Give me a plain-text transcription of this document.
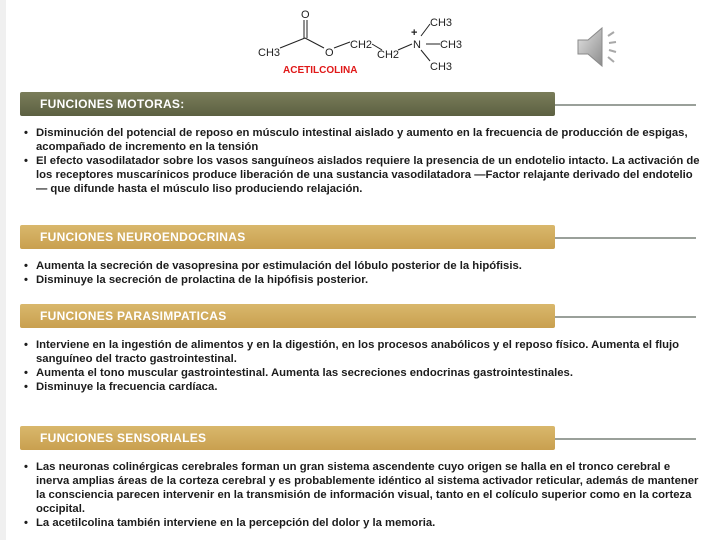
O
CH3	O
CH2
CH2
+
N
CH3
CH3
CH3
ACETILCOLINA
FUNCIONES MOTORAS:
• Disminución del potencial de reposo en músculo intestinal aislado y aumento en la frecuencia de producción de espigas, acompañado de incremento en la tensión
• El efecto vasodilatador sobre los vasos sanguíneos aislados requiere la presencia de un endotelio intacto. La activación de los receptores muscarínicos produce liberación de una sustancia vasodilatadora —Factor relajante derivado del endotelio— que difunde hasta el músculo liso produciendo relajación.
FUNCIONES NEUROENDOCRINAS
• Aumenta la secreción de vasopresina por estimulación del lóbulo posterior de la hipófisis.
• Disminuye la secreción de prolactina de la hipófisis posterior.
FUNCIONES PARASIMPATICAS
• Interviene en la ingestión de alimentos y en la digestión, en los procesos anabólicos y el reposo físico. Aumenta el flujo sanguíneo del tracto gastrointestinal.
• Aumenta el tono muscular gastrointestinal. Aumenta las secreciones endocrinas gastrointestinales.
• Disminuye la frecuencia cardíaca.
FUNCIONES SENSORIALES
• Las neuronas colinérgicas cerebrales forman un gran sistema ascendente cuyo origen se halla en el tronco cerebral e inerva amplias áreas de la corteza cerebral y es probablemente idéntico al sistema activador reticular, además de mantener la consciencia parecen intervenir en la transmisión de información visual, tanto en el colículo superior como en la corteza occipital.
• La acetilcolina también interviene en la percepción del dolor y la memoria.
